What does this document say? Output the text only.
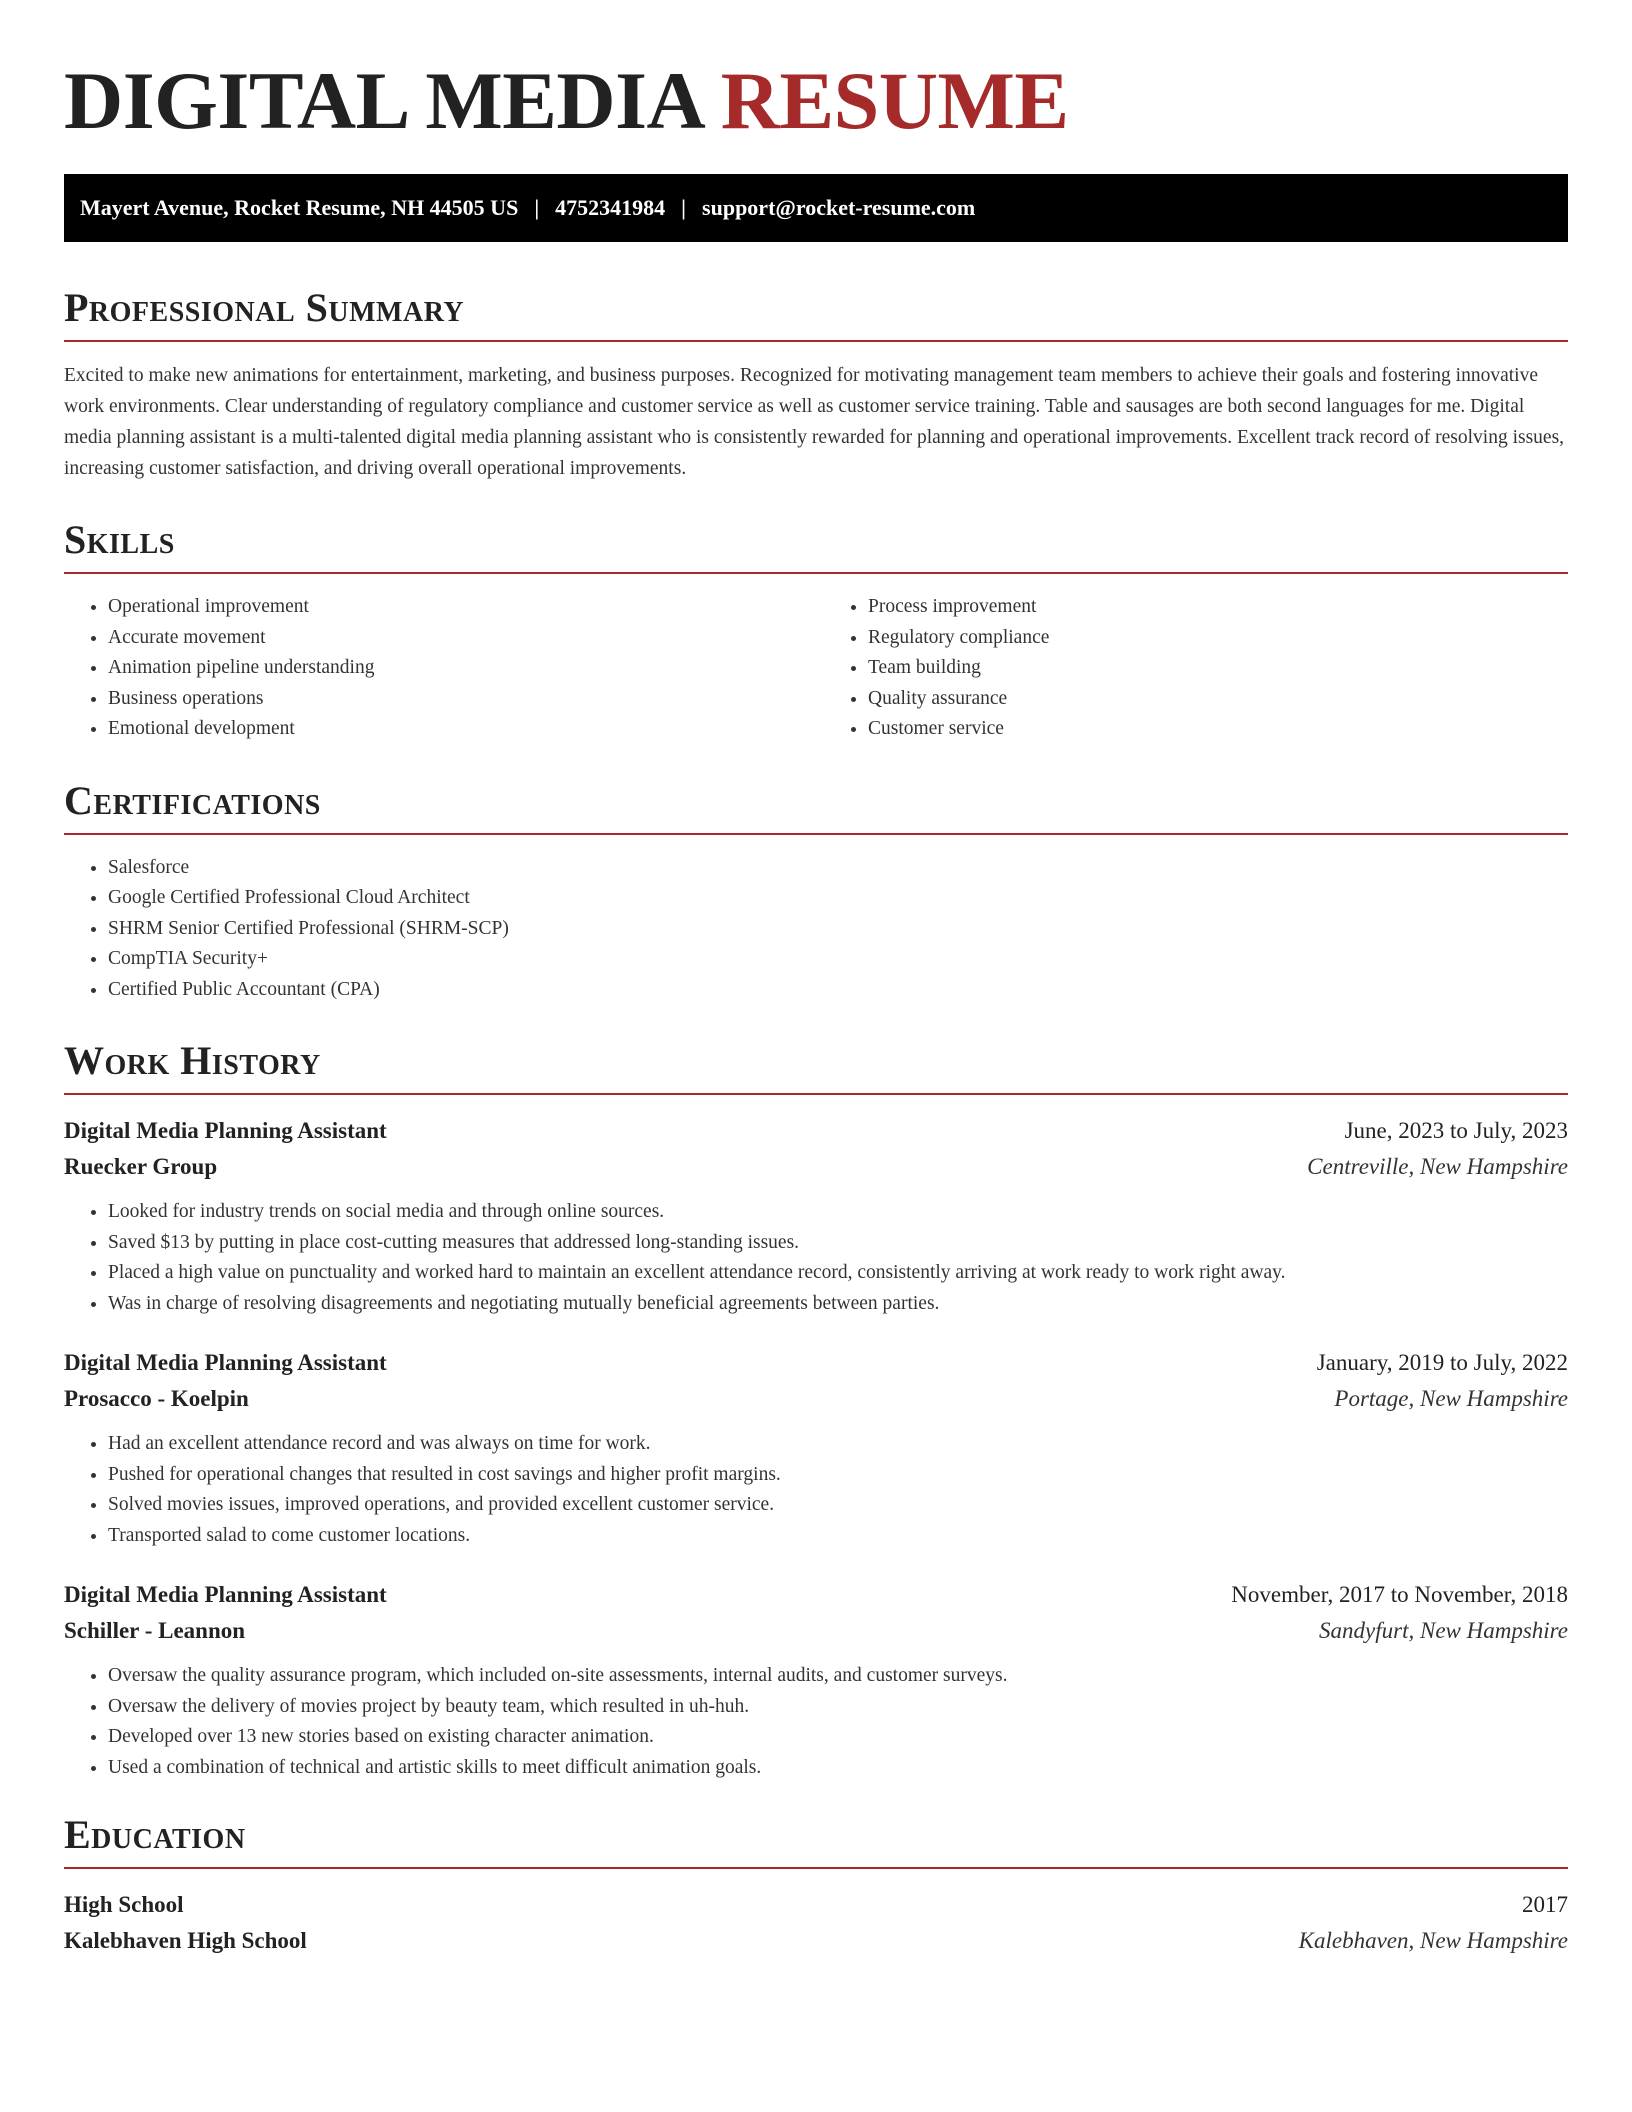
DIGITAL MEDIA RESUME
Mayert Avenue, Rocket Resume, NH 44505 US | 4752341984 | support@rocket-resume.com
Professional Summary

Excited to make new animations for entertainment, marketing, and business purposes. Recognized for motivating management team members to achieve their goals and fostering innovative work environments. Clear understanding of regulatory compliance and customer service as well as customer service training. Table and sausages are both second languages for me. Digital media planning assistant is a multi-talented digital media planning assistant who is consistently rewarded for planning and operational improvements. Excellent track record of resolving issues, increasing customer satisfaction, and driving overall operational improvements.

Skills
• Operational improvement
• Accurate movement
• Animation pipeline understanding
• Business operations
• Emotional development
• Process improvement
• Regulatory compliance
• Team building
• Quality assurance
• Customer service
Certifications
• Salesforce
• Google Certified Professional Cloud Architect
• SHRM Senior Certified Professional (SHRM-SCP)
• CompTIA Security+
• Certified Public Accountant (CPA)
Work History
Digital Media Planning Assistant	June, 2023 to July, 2023
Ruecker Group	Centreville, New Hampshire
• Looked for industry trends on social media and through online sources.
• Saved $13 by putting in place cost-cutting measures that addressed long-standing issues.
• Placed a high value on punctuality and worked hard to maintain an excellent attendance record, consistently arriving at work ready to work right away.
• Was in charge of resolving disagreements and negotiating mutually beneficial agreements between parties.
Digital Media Planning Assistant	January, 2019 to July, 2022
Prosacco - Koelpin	Portage, New Hampshire
• Had an excellent attendance record and was always on time for work.
• Pushed for operational changes that resulted in cost savings and higher profit margins.
• Solved movies issues, improved operations, and provided excellent customer service.
• Transported salad to come customer locations.
Digital Media Planning Assistant	November, 2017 to November, 2018
Schiller - Leannon	Sandyfurt, New Hampshire
• Oversaw the quality assurance program, which included on-site assessments, internal audits, and customer surveys.
• Oversaw the delivery of movies project by beauty team, which resulted in uh-huh.
• Developed over 13 new stories based on existing character animation.
• Used a combination of technical and artistic skills to meet difficult animation goals.
Education
High School	2017
Kalebhaven High School	Kalebhaven, New Hampshire
